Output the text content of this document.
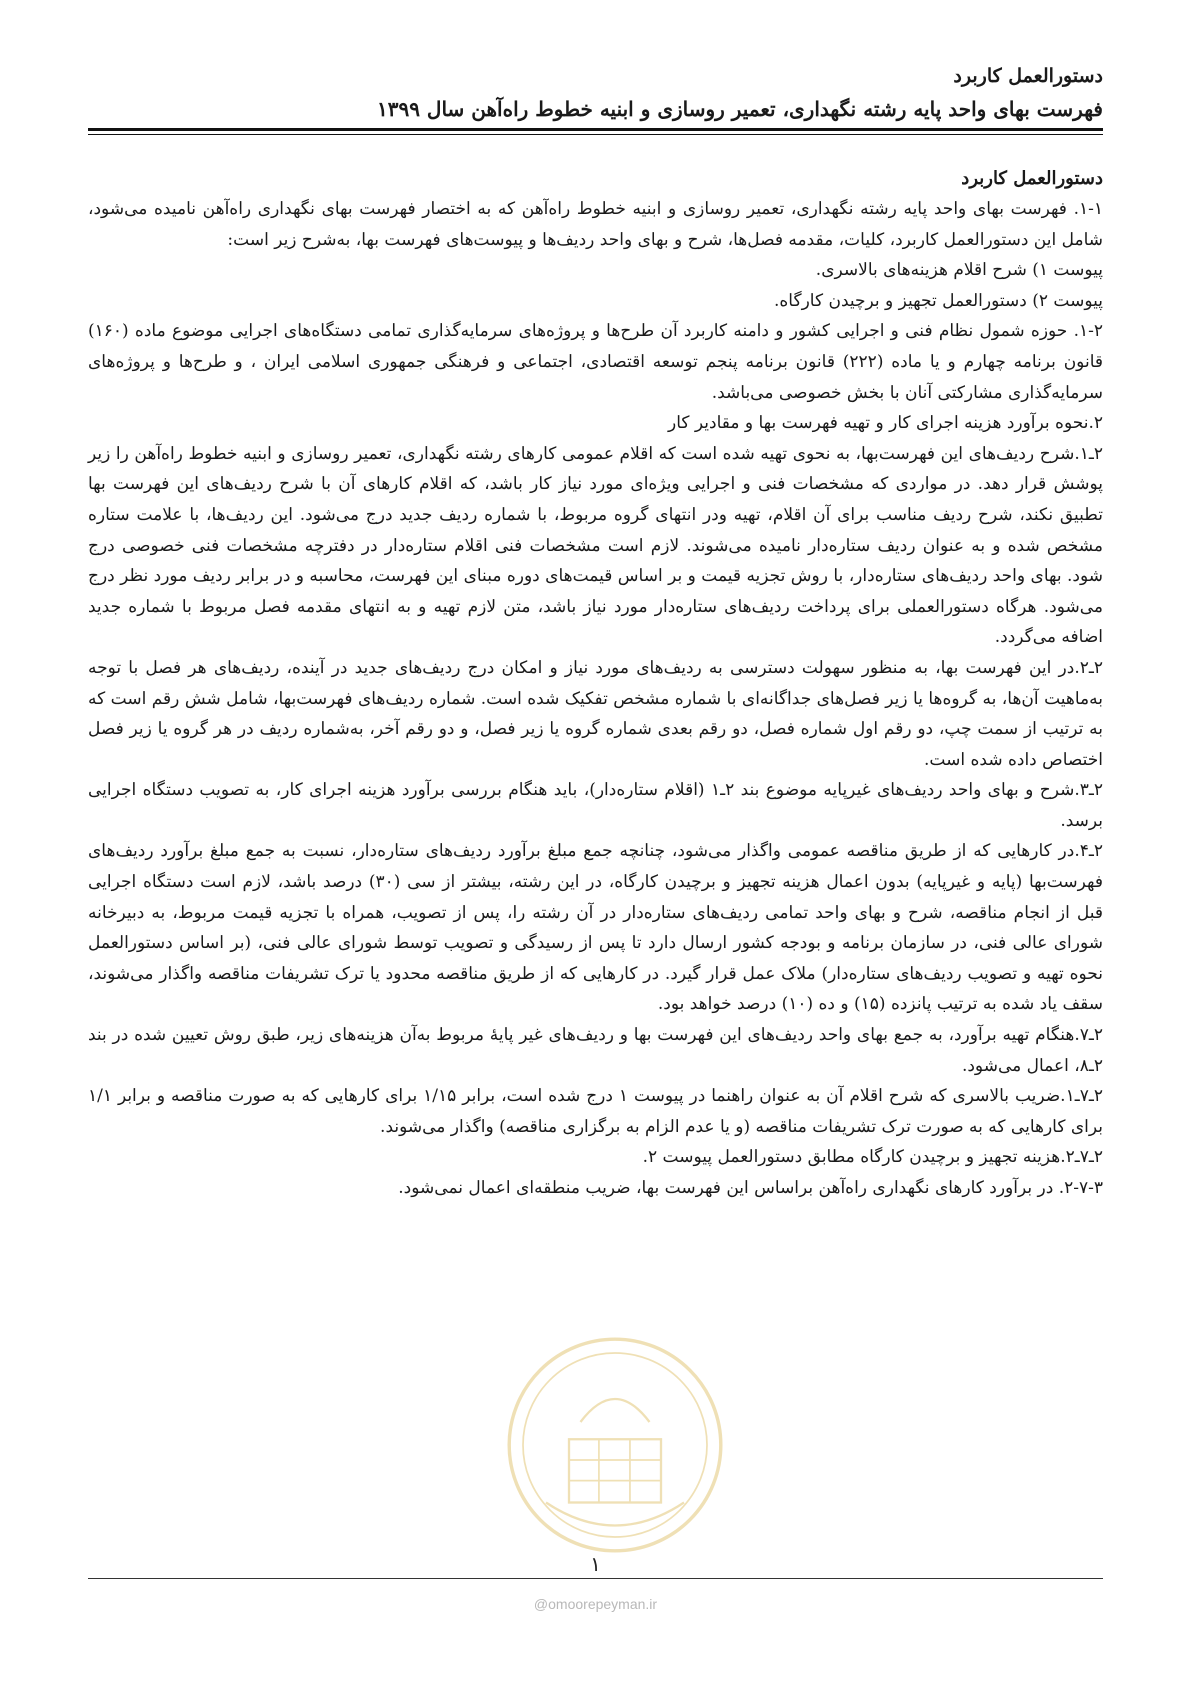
دستورالعمل کاربرد
فهرست بهای واحد پایه رشته نگهداری، تعمیر روسازی و ابنیه خطوط راه‌آهن سال ۱۳۹۹

دستورالعمل کاربرد

۱-۱. فهرست بهای واحد پایه رشته نگهداری، تعمیر روسازی و ابنیه خطوط راه‌آهن که به اختصار فهرست بهای نگهداری راه‌آهن نامیده می‌شود، شامل این دستورالعمل کاربرد، کلیات، مقدمه فصل‌ها، شرح و بهای واحد ردیف‌ها و پیوست‌های فهرست بها، به‌شرح زیر است:

پیوست ۱) شرح اقلام هزینه‌های بالاسری.

پیوست ۲) دستورالعمل تجهیز و برچیدن کارگاه.

۱-۲. حوزه شمول نظام فنی و اجرایی کشور و دامنه کاربرد آن طرح‌ها و پروژه‌های سرمایه‌گذاری تمامی دستگاه‌های اجرایی موضوع ماده (۱۶۰) قانون برنامه چهارم و یا ماده (۲۲۲) قانون برنامه پنجم توسعه اقتصادی، اجتماعی و فرهنگی جمهوری اسلامی ایران ، و طرح‌ها و پروژه‌های سرمایه‌گذاری مشارکتی آنان با بخش خصوصی می‌باشد.

۲.نحوه برآورد هزینه اجرای کار و تهیه فهرست بها و مقادیر کار

۲ـ۱.شرح ردیف‌های این فهرست‌بها، به نحوی تهیه شده است که اقلام عمومی کارهای رشته نگهداری، تعمیر روسازی و ابنیه خطوط راه‌آهن را زیر پوشش قرار دهد. در مواردی که مشخصات فنی و اجرایی ویژه‌ای مورد نیاز کار باشد، که اقلام کارهای آن با شرح ردیف‌های این فهرست بها تطبیق نکند، شرح ردیف مناسب برای آن اقلام، تهیه ودر انتهای گروه مربوط، با شماره ردیف جدید درج می‌شود. این ردیف‌ها، با علامت ستاره مشخص شده و به عنوان ردیف ستاره‌دار نامیده می‌شوند. لازم است مشخصات فنی اقلام ستاره‌دار در دفترچه مشخصات فنی خصوصی درج شود. بهای واحد ردیف‌های ستاره‌دار، با روش تجزیه قیمت و بر اساس قیمت‌های دوره مبنای این فهرست، محاسبه و در برابر ردیف مورد نظر درج می‌شود. هرگاه دستورالعملی برای پرداخت ردیف‌های ستاره‌دار مورد نیاز باشد، متن لازم تهیه و به انتهای مقدمه فصل مربوط با شماره جدید اضافه می‌گردد.

۲ـ۲.در این فهرست بها، به منظور سهولت دسترسی به ردیف‌های مورد نیاز و امکان درج ردیف‌های جدید در آینده، ردیف‌های هر فصل با توجه به‌ماهیت آن‌ها، به گروه‌ها یا زیر فصل‌های جداگانه‌ای با شماره مشخص تفکیک شده است. شماره ردیف‌های فهرست‌بها، شامل شش رقم است که به ترتیب از سمت چپ، دو رقم اول شماره فصل، دو رقم بعدی شماره گروه یا زیر فصل، و دو رقم آخر، به‌شماره ردیف در هر گروه یا زیر فصل اختصاص داده شده است.

۲ـ۳.شرح و بهای واحد ردیف‌های غیرپایه موضوع بند ۲ـ۱ (اقلام ستاره‌دار)، باید هنگام بررسی برآورد هزینه اجرای کار، به تصویب دستگاه اجرایی برسد.

۲ـ۴.در کارهایی که از طریق مناقصه عمومی واگذار می‌شود، چنانچه جمع مبلغ برآورد ردیف‌های ستاره‌دار، نسبت به جمع مبلغ برآورد ردیف‌های فهرست‌بها (پایه و غیرپایه) بدون اعمال هزینه تجهیز و برچیدن کارگاه، در این رشته، بیشتر از سی (۳۰) درصد باشد، لازم است دستگاه اجرایی قبل از انجام مناقصه، شرح و بهای واحد تمامی ردیف‌های ستاره‌دار در آن رشته را، پس از تصویب، همراه با تجزیه قیمت مربوط، به دبیرخانه شورای عالی فنی، در سازمان برنامه و بودجه کشور ارسال دارد تا پس از رسیدگی و تصویب توسط شورای عالی فنی، (بر اساس دستورالعمل نحوه تهیه و تصویب ردیف‌های ستاره‌دار) ملاک عمل قرار گیرد. در کارهایی که از طریق مناقصه محدود یا ترک تشریفات مناقصه واگذار می‌شوند، سقف یاد شده به ترتیب پانزده (۱۵) و ده (۱۰) درصد خواهد بود.

۲ـ۷.هنگام تهیه برآورد، به جمع بهای واحد ردیف‌های این فهرست بها و ردیف‌های غیر پایهٔ مربوط به‌آن هزینه‌های زیر، طبق روش تعیین شده در بند ۲ـ۸، اعمال می‌شود.

۲ـ۷ـ۱.ضریب بالاسری که شرح اقلام آن به عنوان راهنما در پیوست ۱ درج شده است، برابر ۱/۱۵ برای کارهایی که به صورت مناقصه و برابر ۱/۱ برای کارهایی که به صورت ترک تشریفات مناقصه (و یا عدم الزام به برگزاری مناقصه) واگذار می‌شوند.

۲ـ۷ـ۲.هزینه تجهیز و برچیدن کارگاه مطابق دستورالعمل پیوست ۲.

۲-۷-۳. در برآورد کارهای نگهداری راه‌آهن براساس این فهرست بها، ضریب منطقه‌ای اعمال نمی‌شود.

۱
@omoorepeyman.ir
